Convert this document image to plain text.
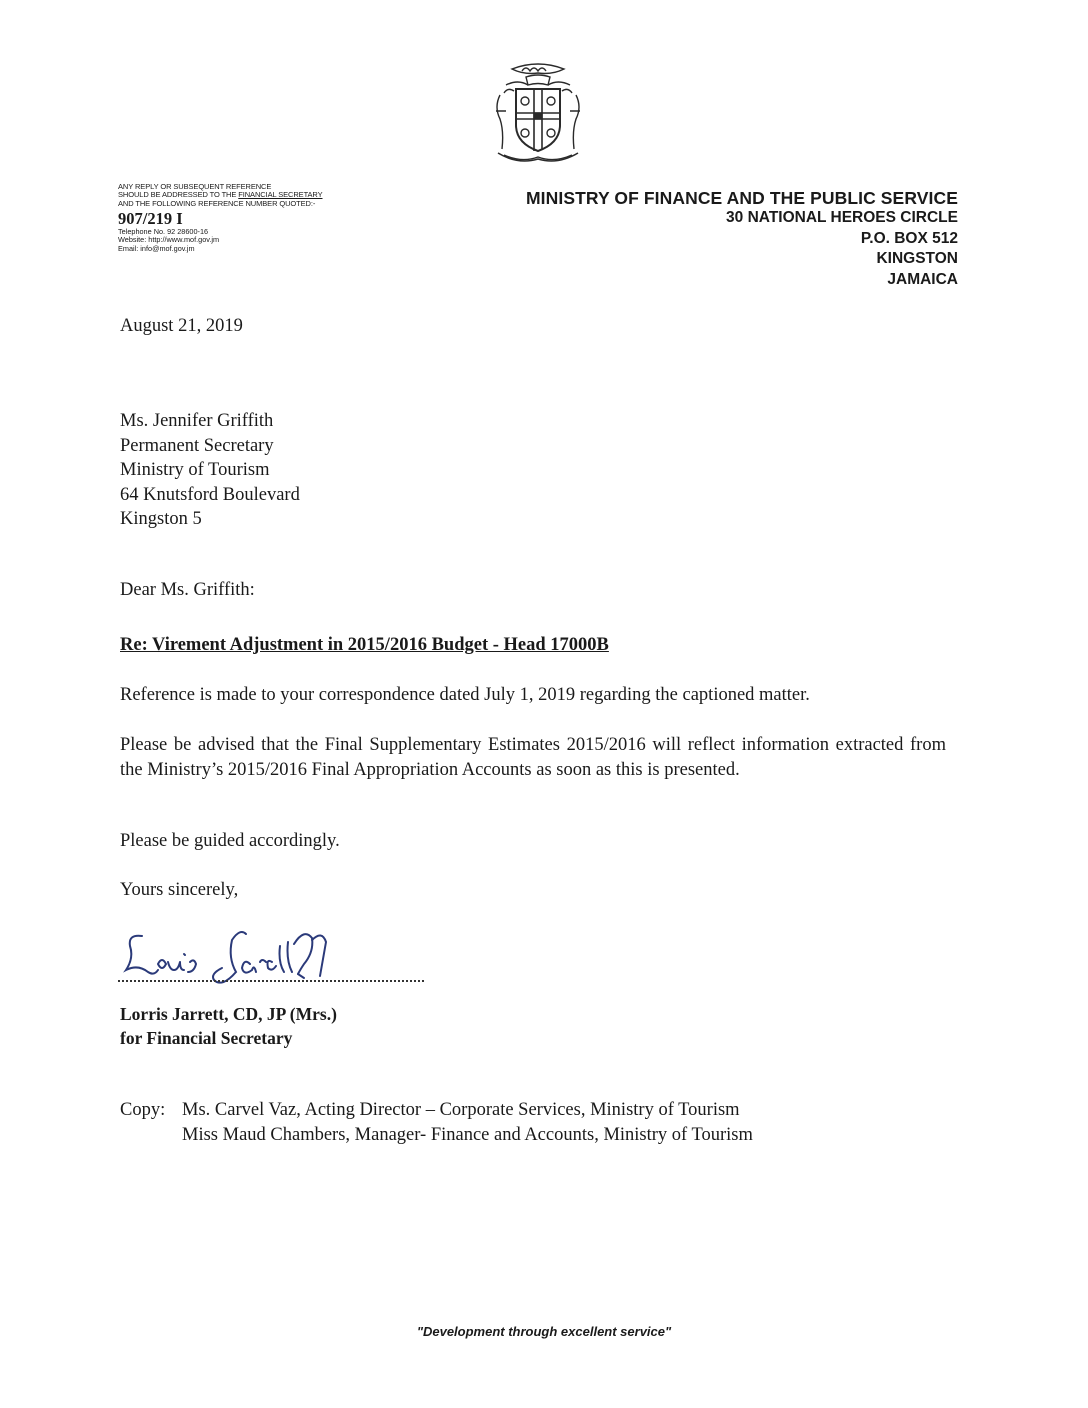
ANY REPLY OR SUBSEQUENT REFERENCE
SHOULD BE ADDRESSED TO THE FINANCIAL SECRETARY
AND THE FOLLOWING REFERENCE NUMBER QUOTED:-
907/219 I
Telephone No. 92 28600-16
Website: http://www.mof.gov.jm
Email: info@mof.gov.jm
MINISTRY OF FINANCE AND THE PUBLIC SERVICE
30 NATIONAL HEROES CIRCLE
P.O. BOX 512
KINGSTON
JAMAICA
August 21, 2019
Ms. Jennifer Griffith
Permanent Secretary
Ministry of Tourism
64 Knutsford Boulevard
Kingston 5
Dear Ms. Griffith:
Re: Virement Adjustment in 2015/2016 Budget - Head 17000B
Reference is made to your correspondence dated July 1, 2019 regarding the captioned matter.
Please be advised that the Final Supplementary Estimates 2015/2016 will reflect information extracted from the Ministry’s 2015/2016 Final Appropriation Accounts as soon as this is presented.
Please be guided accordingly.
Yours sincerely,
Lorris Jarrett, CD, JP (Mrs.)
for Financial Secretary
Copy: Ms. Carvel Vaz, Acting Director – Corporate Services, Ministry of Tourism
Miss Maud Chambers, Manager- Finance and Accounts, Ministry of Tourism
"Development through excellent service"
